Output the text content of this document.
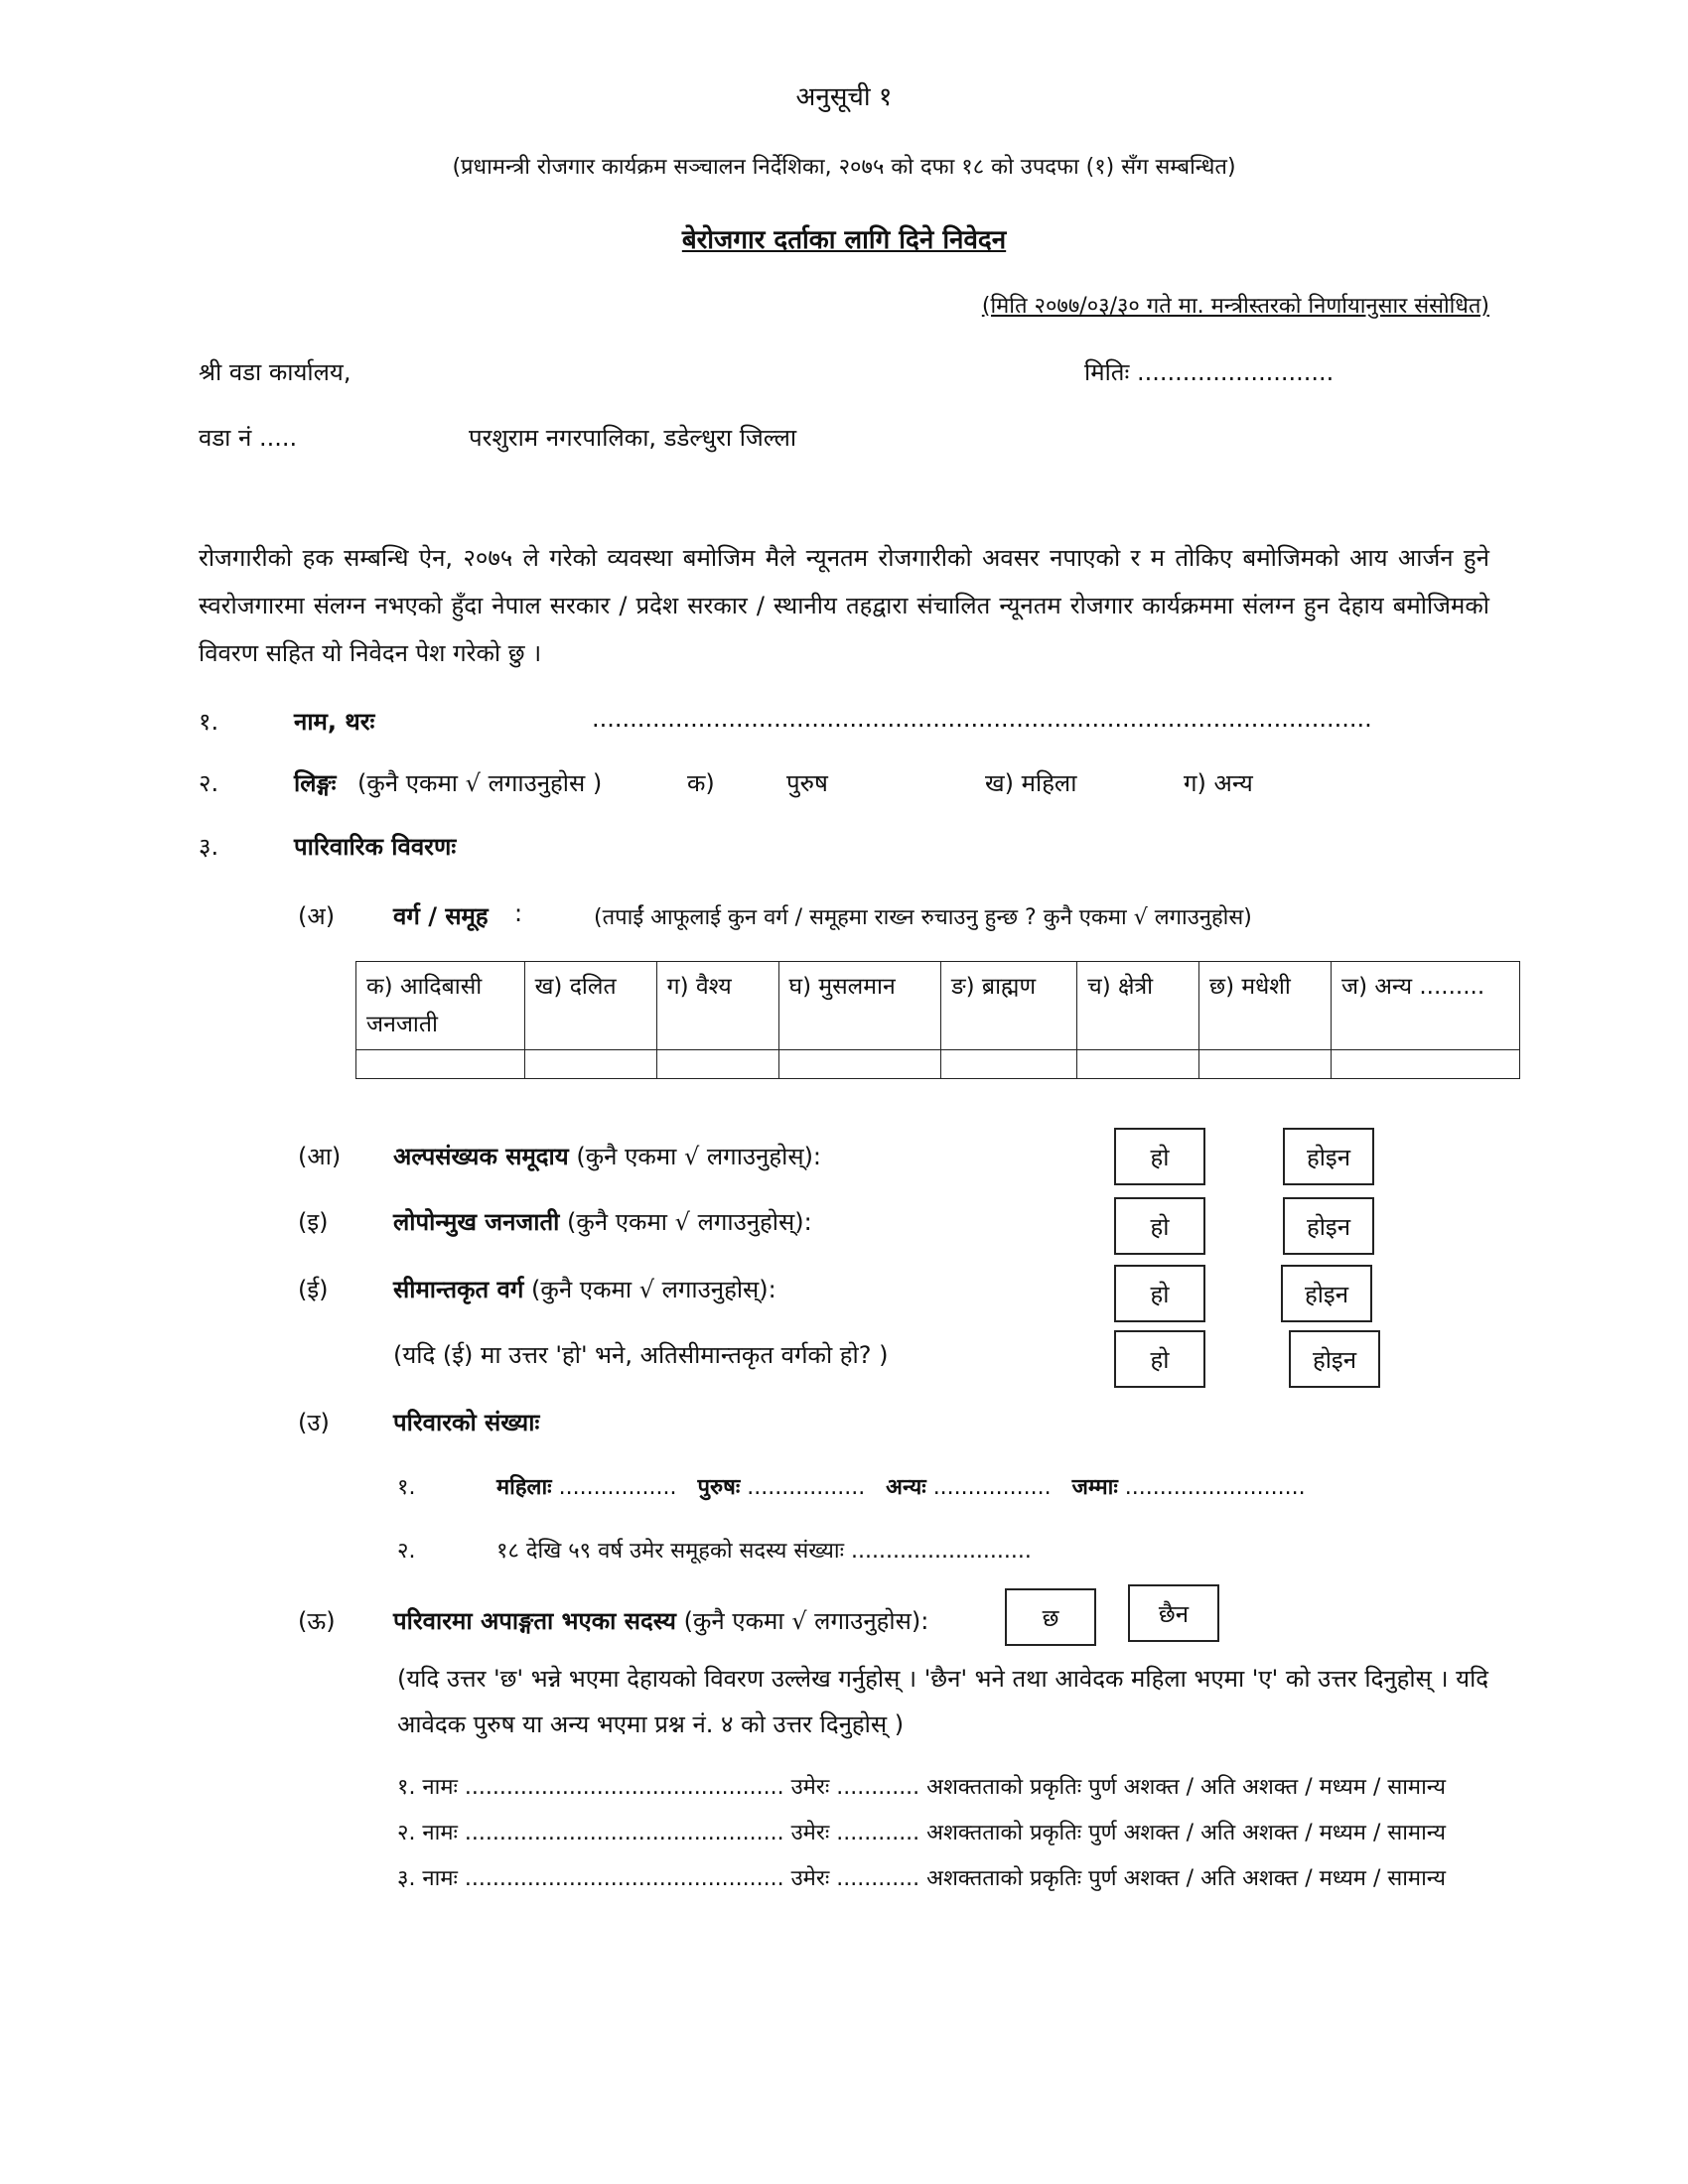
अनुसूची १
(प्रधामन्त्री रोजगार कार्यक्रम सञ्चालन निर्देशिका, २०७५ को दफा १८ को उपदफा (१) सँग सम्बन्धित)
बेरोजगार दर्ताका लागि दिने निवेदन
(मिति २०७७/०३/३० गते मा. मन्त्रीस्तरको निर्णायानुसार संसोधित)
श्री वडा कार्यालय,	मितिः ..........................
वडा नं .....	परशुराम नगरपालिका, डडेल्धुरा जिल्ला
रोजगारीको हक सम्बन्धि ऐन, २०७५ ले गरेको व्यवस्था बमोजिम मैले न्यूनतम रोजगारीको अवसर नपाएको र म तोकिए बमोजिमको आय आर्जन हुने स्वरोजगारमा संलग्न नभएको हुँदा नेपाल सरकार / प्रदेश सरकार / स्थानीय तहद्वारा संचालित न्यूनतम रोजगार कार्यक्रममा संलग्न हुन देहाय बमोजिमको विवरण सहित यो निवेदन पेश गरेको छु ।
१.	नाम, थरः	.......................................................................................................
२.	लिङ्गः (कुनै एकमा √ लगाउनुहोस )	क)	पुरुष	ख) महिला	ग) अन्य
३.	पारिवारिक विवरणः
(अ) वर्ग / समूह :	(तपाईं आफूलाई कुन वर्ग / समूहमा राख्न रुचाउनु हुन्छ ? कुनै एकमा √ लगाउनुहोस)
क) आदिबासी जनजाती	ख) दलित	ग) वैश्य	घ) मुसलमान	ङ) ब्राह्मण	च) क्षेत्री	छ) मधेशी	ज) अन्य .........

(आ) अल्पसंख्यक समूदाय (कुनै एकमा √ लगाउनुहोस्):	हो	होइन
(इ)	लोपोन्मुख जनजाती (कुनै एकमा √ लगाउनुहोस्):	हो	होइन
(ई)	सीमान्तकृत वर्ग (कुनै एकमा √ लगाउनुहोस्):	हो	होइन
(यदि (ई) मा उत्तर 'हो' भने, अतिसीमान्तकृत वर्गको हो? )	हो	होइन
(उ)	परिवारको संख्याः
१.	महिलाः ................. पुरुषः ................. अन्यः ................. जम्माः ..........................
२.	१८ देखि ५९ वर्ष उमेर समूहको सदस्य संख्याः ..........................
(ऊ) परिवारमा अपाङ्गता भएका सदस्य (कुनै एकमा √ लगाउनुहोस):	छ	छैन
(यदि उत्तर 'छ' भन्ने भएमा देहायको विवरण उल्लेख गर्नुहोस् । 'छैन' भने तथा आवेदक महिला भएमा 'ए' को उत्तर दिनुहोस् । यदि आवेदक पुरुष या अन्य भएमा प्रश्न नं. ४ को उत्तर दिनुहोस् )
१. नामः .............................................. उमेरः ............ अशक्तताको प्रकृतिः पुर्ण अशक्त / अति अशक्त / मध्यम / सामान्य
२. नामः .............................................. उमेरः ............ अशक्तताको प्रकृतिः पुर्ण अशक्त / अति अशक्त / मध्यम / सामान्य
३. नामः .............................................. उमेरः ............ अशक्तताको प्रकृतिः पुर्ण अशक्त / अति अशक्त / मध्यम / सामान्य
